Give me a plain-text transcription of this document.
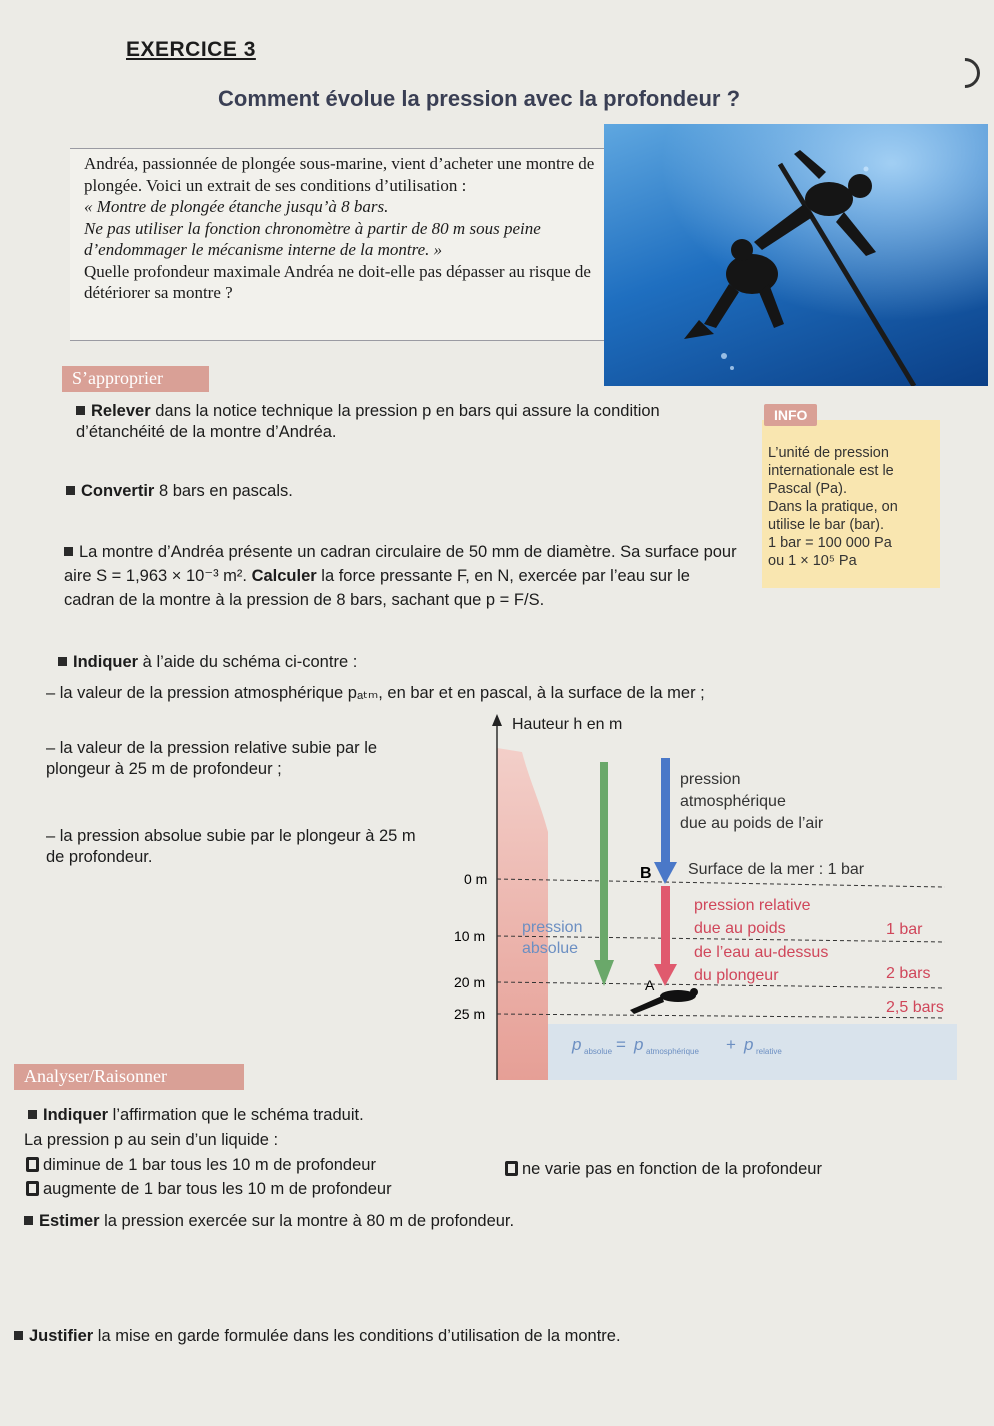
EXERCICE 3
Comment évolue la pression avec la profondeur ?

Andréa, passionnée de plongée sous-marine, vient d’acheter une montre de plongée. Voici un extrait de ses conditions d’utilisation :

« Montre de plongée étanche jusqu’à 8 bars.

Ne pas utiliser la fonction chronomètre à partir de 80 m sous peine d’endommager le mécanisme interne de la montre. »

Quelle profondeur maximale Andréa ne doit-elle pas dépasser au risque de détériorer sa montre ?

S’approprier
Relever dans la notice technique la pression p en bars qui assure la condition d’étanchéité de la montre d’Andréa.
L’unité de pression internationale est le Pascal (Pa).
Dans la pratique, on utilise le bar (bar).
1 bar = 100 000 Pa
ou 1 × 10⁵ Pa
INFO
Convertir 8 bars en pascals.
La montre d’Andréa présente un cadran circulaire de 50 mm de diamètre. Sa surface pour aire S = 1,963 × 10⁻³ m². Calculer la force pressante F, en N, exercée par l’eau sur le cadran de la montre à la pression de 8 bars, sachant que p = F/S.
Indiquer à l’aide du schéma ci-contre :
– la valeur de la pression atmosphérique pₐₜₘ, en bar et en pascal, à la surface de la mer ;
– la valeur de la pression relative subie par le plongeur à 25 m de profondeur ;
– la pression absolue subie par le plongeur à 25 m de profondeur.
Hauteur h en m
0 m
10 m
20 m
25 m
pression
absolue
pression
atmosphérique
due au poids de l’air
B Surface de la mer : 1 bar
pression relative
due au poids
de l’eau au-dessus
du plongeur
1 bar
2 bars
2,5 bars
A
p absolue = p atmosphérique + p relative
Analyser/Raisonner
Indiquer l’affirmation que le schéma traduit.
La pression p au sein d’un liquide :
diminue de 1 bar tous les 10 m de profondeur
augmente de 1 bar tous les 10 m de profondeur
ne varie pas en fonction de la profondeur
Estimer la pression exercée sur la montre à 80 m de profondeur.
Justifier la mise en garde formulée dans les conditions d’utilisation de la montre.
